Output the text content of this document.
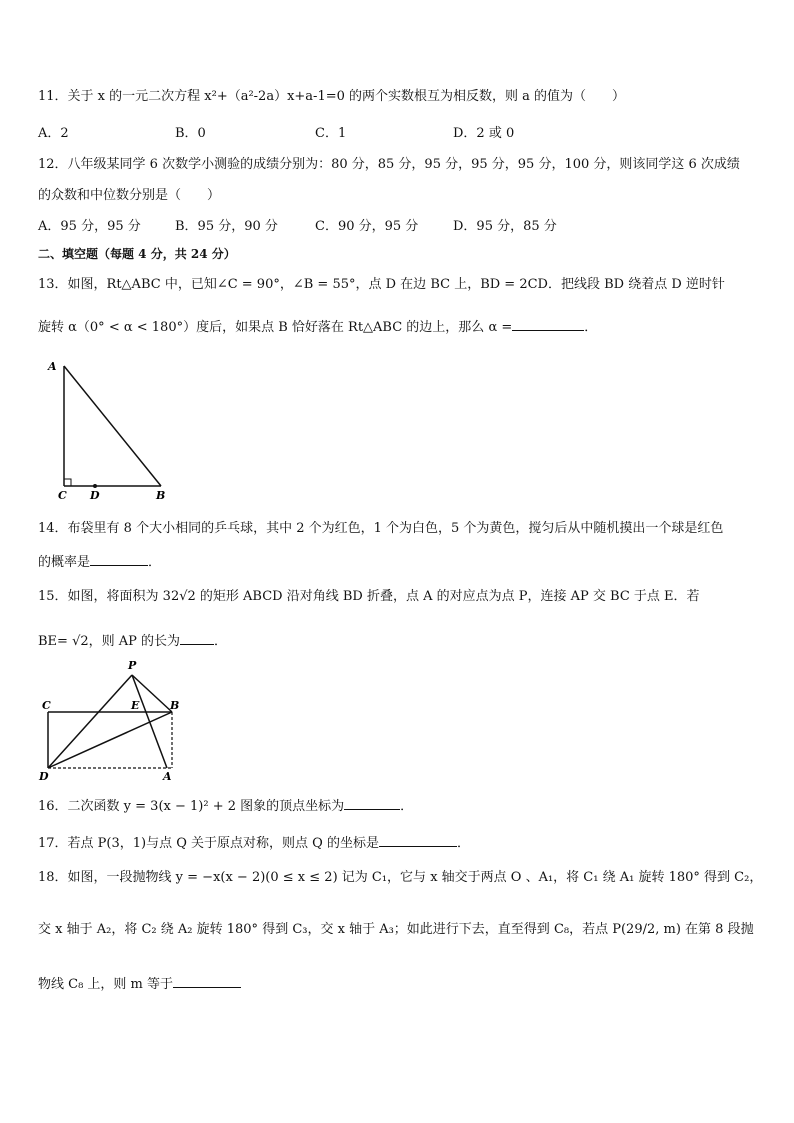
11．关于 x 的一元二次方程 x²+（a²-2a）x+a-1=0 的两个实数根互为相反数，则 a 的值为（　　）
A．2	B．0	C．1	D．2 或 0
12．八年级某同学 6 次数学小测验的成绩分别为：80 分，85 分，95 分，95 分，95 分，100 分，则该同学这 6 次成绩
的众数和中位数分别是（　　）
A．95 分，95 分	B．95 分，90 分	C．90 分，95 分	D．95 分，85 分
二、填空题（每题 4 分，共 24 分）
13．如图，Rt△ABC 中，已知∠C = 90°，∠B = 55°，点 D 在边 BC 上，BD = 2CD．把线段 BD 绕着点 D 逆时针
旋转 α（0° < α < 180°）度后，如果点 B 恰好落在 Rt△ABC 的边上，那么 α =	．
A
C D	B
14．布袋里有 8 个大小相同的乒乓球，其中 2 个为红色，1 个为白色，5 个为黄色，搅匀后从中随机摸出一个球是红色
的概率是	．
15．如图，将面积为 32√2 的矩形 ABCD 沿对角线 BD 折叠，点 A 的对应点为点 P，连接 AP 交 BC 于点 E．若
BE= √2，则 AP 的长为	．
P
C	E	B
D	A
16．二次函数 y = 3(x − 1)² + 2 图象的顶点坐标为	．
17．若点 P(3，1)与点 Q 关于原点对称，则点 Q 的坐标是	．
18．如图，一段抛物线 y = −x(x − 2)(0 ≤ x ≤ 2) 记为 C₁，它与 x 轴交于两点 O 、A₁，将 C₁ 绕 A₁ 旋转 180° 得到 C₂，
交 x 轴于 A₂，将 C₂ 绕 A₂ 旋转 180° 得到 C₃，交 x 轴于 A₃；如此进行下去，直至得到 C₈，若点 P(29/2, m) 在第 8 段抛
物线 C₈ 上，则 m 等于
